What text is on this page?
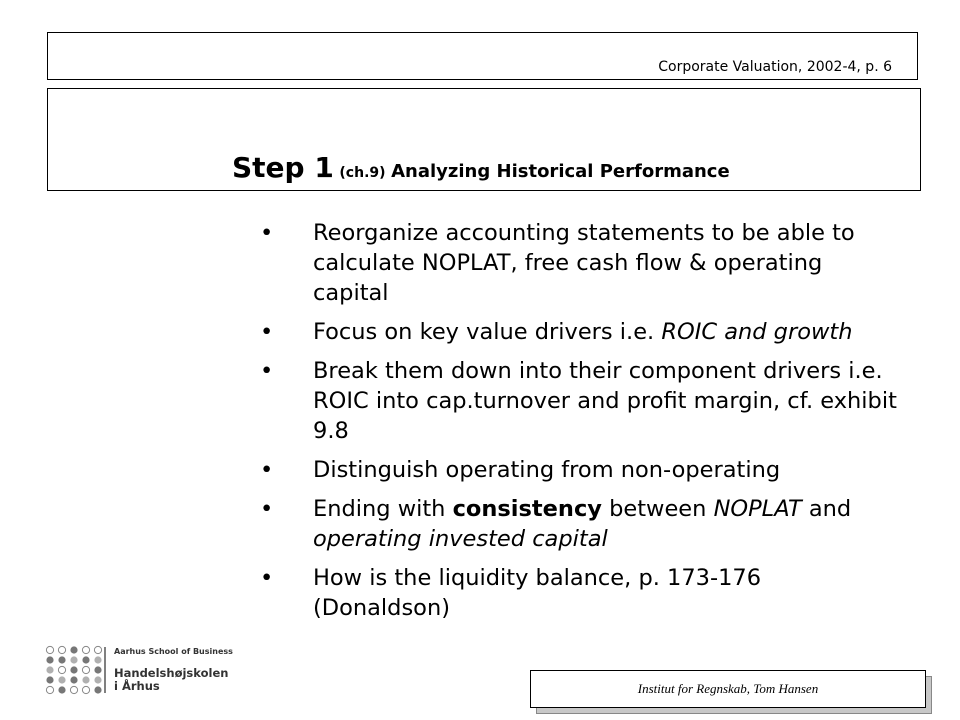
Corporate Valuation, 2002-4, p. 6
Step 1 (ch.9) Analyzing Historical Performance
• Reorganize accounting statements to be able to calculate NOPLAT, free cash flow & operating capital
• Focus on key value drivers i.e. ROIC and growth
• Break them down into their component drivers i.e. ROIC into cap.turnover and profit margin, cf. exhibit 9.8
• Distinguish operating from non-operating
• Ending with consistency between NOPLAT and operating invested capital
• How is the liquidity balance, p. 173-176 (Donaldson)
Aarhus School of Business
Handelshøjskolen
i Århus	Institut for Regnskab, Tom Hansen
